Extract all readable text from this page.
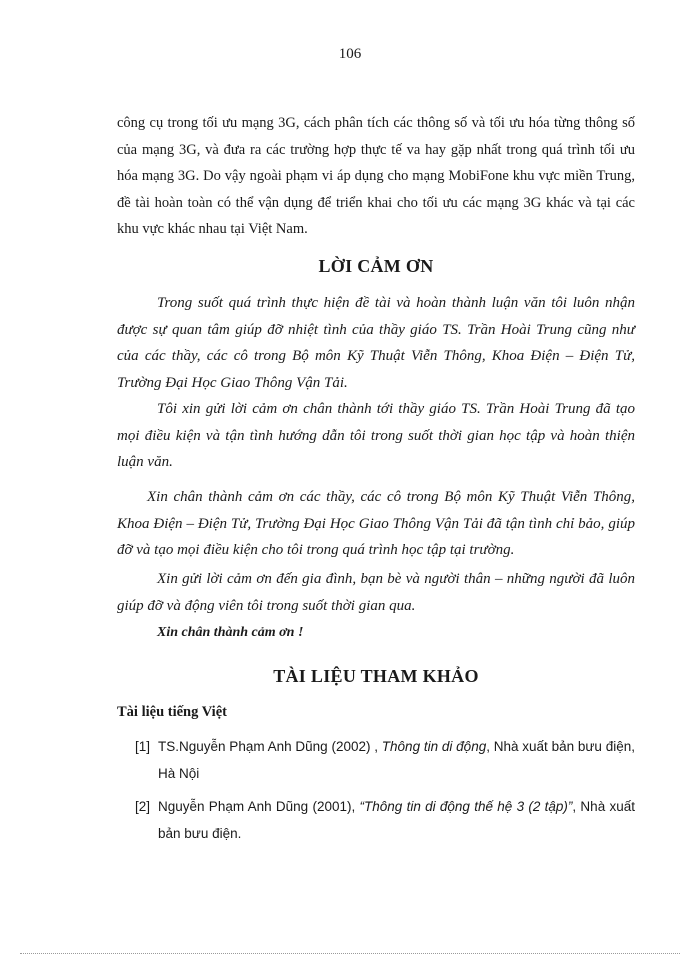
106

công cụ trong tối ưu mạng 3G, cách phân tích các thông số và tối ưu hóa từng thông số của mạng 3G, và đưa ra các trường hợp thực tế va hay gặp nhất trong quá trình tối ưu hóa mạng 3G. Do vậy ngoài phạm vi áp dụng cho mạng MobiFone khu vực miền Trung, đề tài hoàn toàn có thể vận dụng để triển khai cho tối ưu các mạng 3G khác và tại các khu vực khác nhau tại Việt Nam.

LỜI CẢM ƠN

Trong suốt quá trình thực hiện đề tài và hoàn thành luận văn tôi luôn nhận được sự quan tâm giúp đỡ nhiệt tình của thầy giáo TS. Trần Hoài Trung cũng như của các thầy, các cô trong Bộ môn Kỹ Thuật Viễn Thông, Khoa Điện – Điện Tử, Trường Đại Học Giao Thông Vận Tải.

Tôi xin gửi lời cảm ơn chân thành tới thầy giáo TS. Trần Hoài Trung đã tạo mọi điều kiện và tận tình hướng dẫn tôi trong suốt thời gian học tập và hoàn thiện luận văn.

Xin chân thành cảm ơn các thầy, các cô trong Bộ môn Kỹ Thuật Viễn Thông, Khoa Điện – Điện Tử, Trường Đại Học Giao Thông Vận Tải đã tận tình chỉ bảo, giúp đỡ và tạo mọi điều kiện cho tôi trong quá trình học tập tại trường.

Xin gửi lời cảm ơn đến gia đình, bạn bè và người thân – những người đã luôn giúp đỡ và động viên tôi trong suốt thời gian qua.

Xin chân thành cảm ơn !

TÀI LIỆU THAM KHẢO

Tài liệu tiếng Việt

[1] TS.Nguyễn Phạm Anh Dũng (2002) , Thông tin di động, Nhà xuất bản bưu điện, Hà Nội

[2] Nguyễn Phạm Anh Dũng (2001), “Thông tin di động thế hệ 3 (2 tập)”, Nhà xuất bản bưu điện.
